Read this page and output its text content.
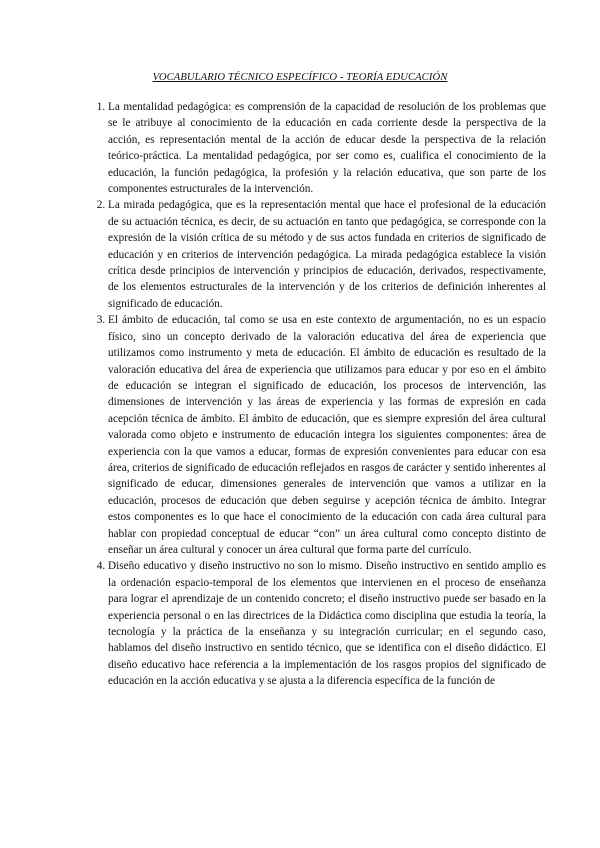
VOCABULARIO TÉCNICO ESPECÍFICO - TEORÍA EDUCACIÓN
1. La mentalidad pedagógica: es comprensión de la capacidad de resolución de los problemas que se le atribuye al conocimiento de la educación en cada corriente desde la perspectiva de la acción, es representación mental de la acción de educar desde la perspectiva de la relación teórico-práctica. La mentalidad pedagógica, por ser como es, cualifica el conocimiento de la educación, la función pedagógica, la profesión y la relación educativa, que son parte de los componentes estructurales de la intervención.
2. La mirada pedagógica, que es la representación mental que hace el profesional de la educación de su actuación técnica, es decir, de su actuación en tanto que pedagógica, se corresponde con la expresión de la visión crítica de su método y de sus actos fundada en criterios de significado de educación y en criterios de intervención pedagógica. La mirada pedagógica establece la visión crítica desde principios de intervención y principios de educación, derivados, respectivamente, de los elementos estructurales de la intervención y de los criterios de definición inherentes al significado de educación.
3. El ámbito de educación, tal como se usa en este contexto de argumentación, no es un espacio físico, sino un concepto derivado de la valoración educativa del área de experiencia que utilizamos como instrumento y meta de educación. El ámbito de educación es resultado de la valoración educativa del área de experiencia que utilizamos para educar y por eso en el ámbito de educación se integran el significado de educación, los procesos de intervención, las dimensiones de intervención y las áreas de experiencia y las formas de expresión en cada acepción técnica de ámbito. El ámbito de educación, que es siempre expresión del área cultural valorada como objeto e instrumento de educación integra los siguientes componentes: área de experiencia con la que vamos a educar, formas de expresión convenientes para educar con esa área, criterios de significado de educación reflejados en rasgos de carácter y sentido inherentes al significado de educar, dimensiones generales de intervención que vamos a utilizar en la educación, procesos de educación que deben seguirse y acepción técnica de ámbito. Integrar estos componentes es lo que hace el conocimiento de la educación con cada área cultural para hablar con propiedad conceptual de educar “con” un área cultural como concepto distinto de enseñar un área cultural y conocer un área cultural que forma parte del currículo.
4. Diseño educativo y diseño instructivo no son lo mismo. Diseño instructivo en sentido amplio es la ordenación espacio-temporal de los elementos que intervienen en el proceso de enseñanza para lograr el aprendizaje de un contenido concreto; el diseño instructivo puede ser basado en la experiencia personal o en las directrices de la Didáctica como disciplina que estudia la teoría, la tecnología y la práctica de la enseñanza y su integración curricular; en el segundo caso, hablamos del diseño instructivo en sentido técnico, que se identifica con el diseño didáctico. El diseño educativo hace referencia a la implementación de los rasgos propios del significado de educación en la acción educativa y se ajusta a la diferencia específica de la función de
